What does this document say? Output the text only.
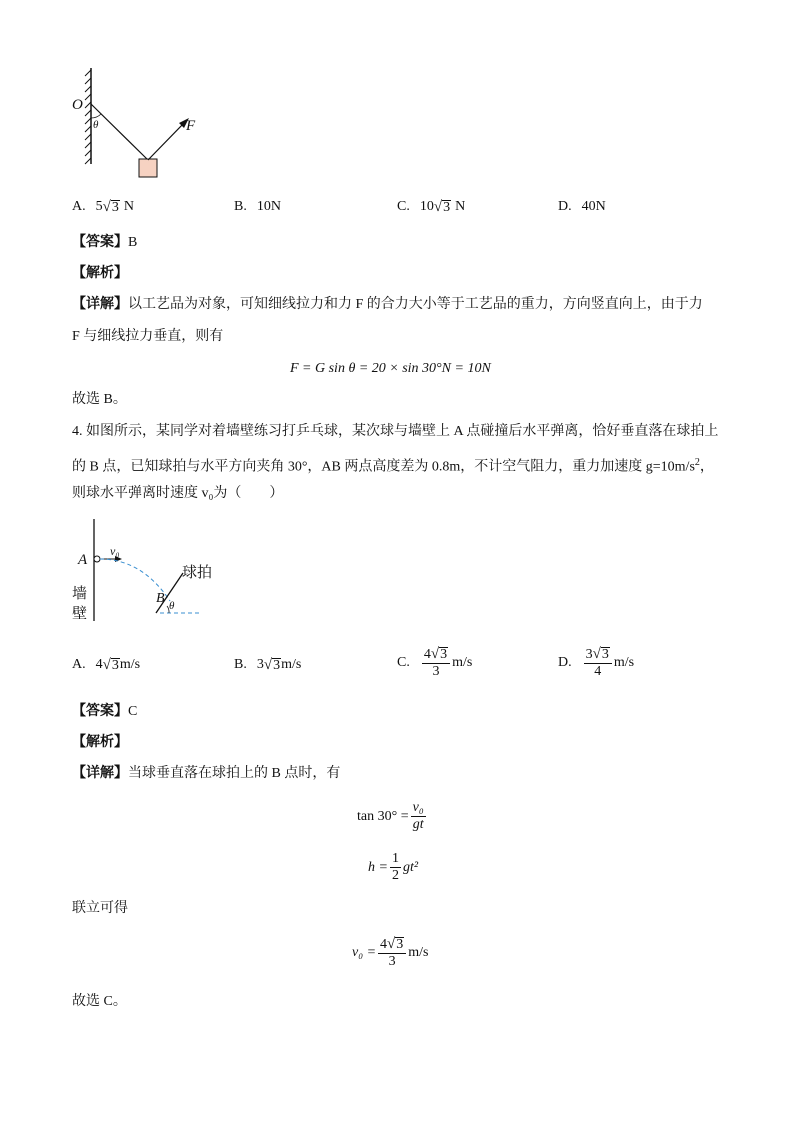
O
θ	F
A. 5 √ 3 N	B. 10N	C. 10 √ 3 N	D. 40N
【答案】B
【解析】
【详解】以工艺品为对象，可知细线拉力和力 F 的合力大小等于工艺品的重力，方向竖直向上，由于力
F 与细线拉力垂直，则有
F = G sin θ = 20 × sin 30°N = 10N
故选 B。
4. 如图所示，某同学对着墙壁练习打乒乓球，某次球与墙壁上 A 点碰撞后水平弹离，恰好垂直落在球拍上
的 B 点，已知球拍与水平方向夹角 30°，AB 两点高度差为 0.8m，不计空气阻力，重力加速度 $g=10m/s^2$，
则球水平弹离时速度 v₀为（　　）
A
v₀
球拍
B θ
墙
壁
A. 4 √ 3 m/s	B. 3 √ 3 m/s	C. $\frac{4 √ 3}{3} m/s$	D. $\frac{3 √ 3}{4} m/s$
【答案】C
【解析】
【详解】当球垂直落在球拍上的 B 点时，有
$\tan 30^\circ = \frac{\text{v₀}}{gt}$
$h = \frac{1}{2} gt^2$
联立可得
$v_0 = \frac{4 √ 3}{3} m/s$
故选 C。
